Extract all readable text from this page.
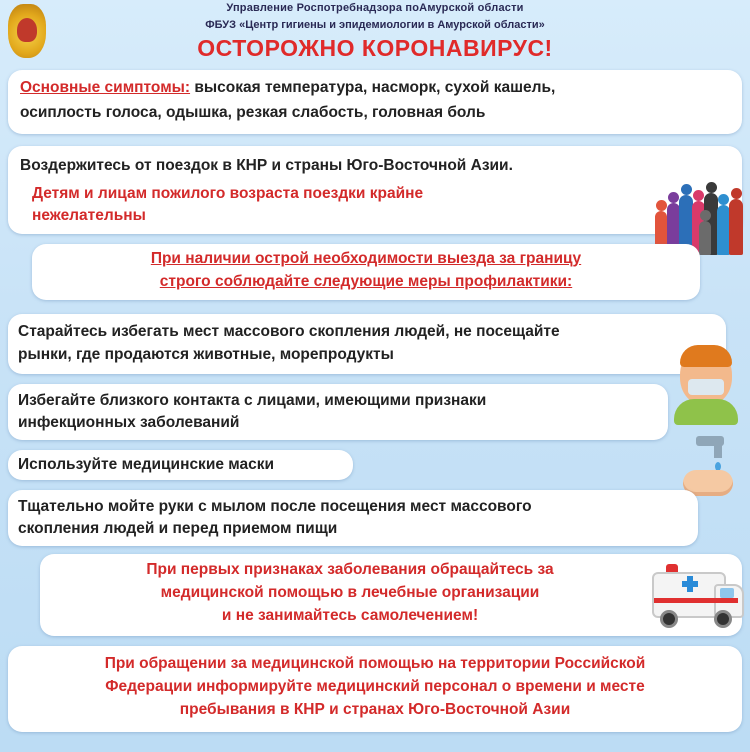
Управление Роспотребнадзора поАмурской области
ФБУЗ «Центр гигиены и эпидемиологии в Амурской области»
ОСТОРОЖНО КОРОНАВИРУС!
Основные симптомы: высокая температура, насморк, сухой кашель,
осиплость голоса, одышка, резкая слабость, головная боль
Воздержитесь от поездок в КНР и страны Юго-Восточной Азии.
Детям и лицам пожилого возраста поездки крайне
нежелательны
При наличии острой необходимости выезда за границу
строго соблюдайте следующие меры профилактики:
Старайтесь избегать мест массового скопления людей, не посещайте
рынки, где продаются животные, морепродукты
Избегайте близкого контакта с лицами, имеющими признаки
инфекционных заболеваний
Используйте медицинские маски
Тщательно мойте руки с мылом после посещения мест массового
скопления людей и перед приемом пищи
При первых признаках заболевания обращайтесь за
медицинской помощью в лечебные организации
и не занимайтесь самолечением!
При обращении за медицинской помощью на территории Российской
Федерации информируйте медицинский персонал о времени и месте
пребывания в КНР и странах Юго-Восточной Азии
